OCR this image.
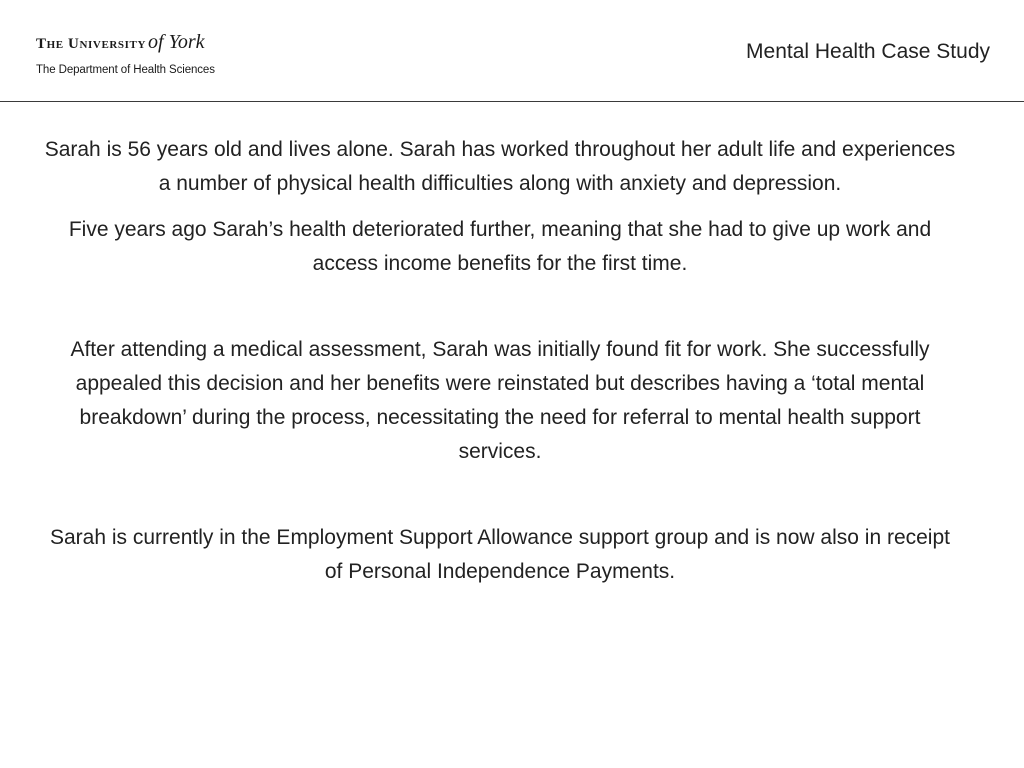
The University of York
The Department of Health Sciences
Mental Health Case Study

Sarah is 56 years old and lives alone. Sarah has worked throughout her adult life and experiences a number of physical health difficulties along with anxiety and depression.

Five years ago Sarah’s health deteriorated further, meaning that she had to give up work and access income benefits for the first time.

After attending a medical assessment, Sarah was initially found fit for work. She successfully appealed this decision and her benefits were reinstated but describes having a ‘total mental breakdown’ during the process, necessitating the need for referral to mental health support services.

Sarah is currently in the Employment Support Allowance support group and is now also in receipt of Personal Independence Payments.
